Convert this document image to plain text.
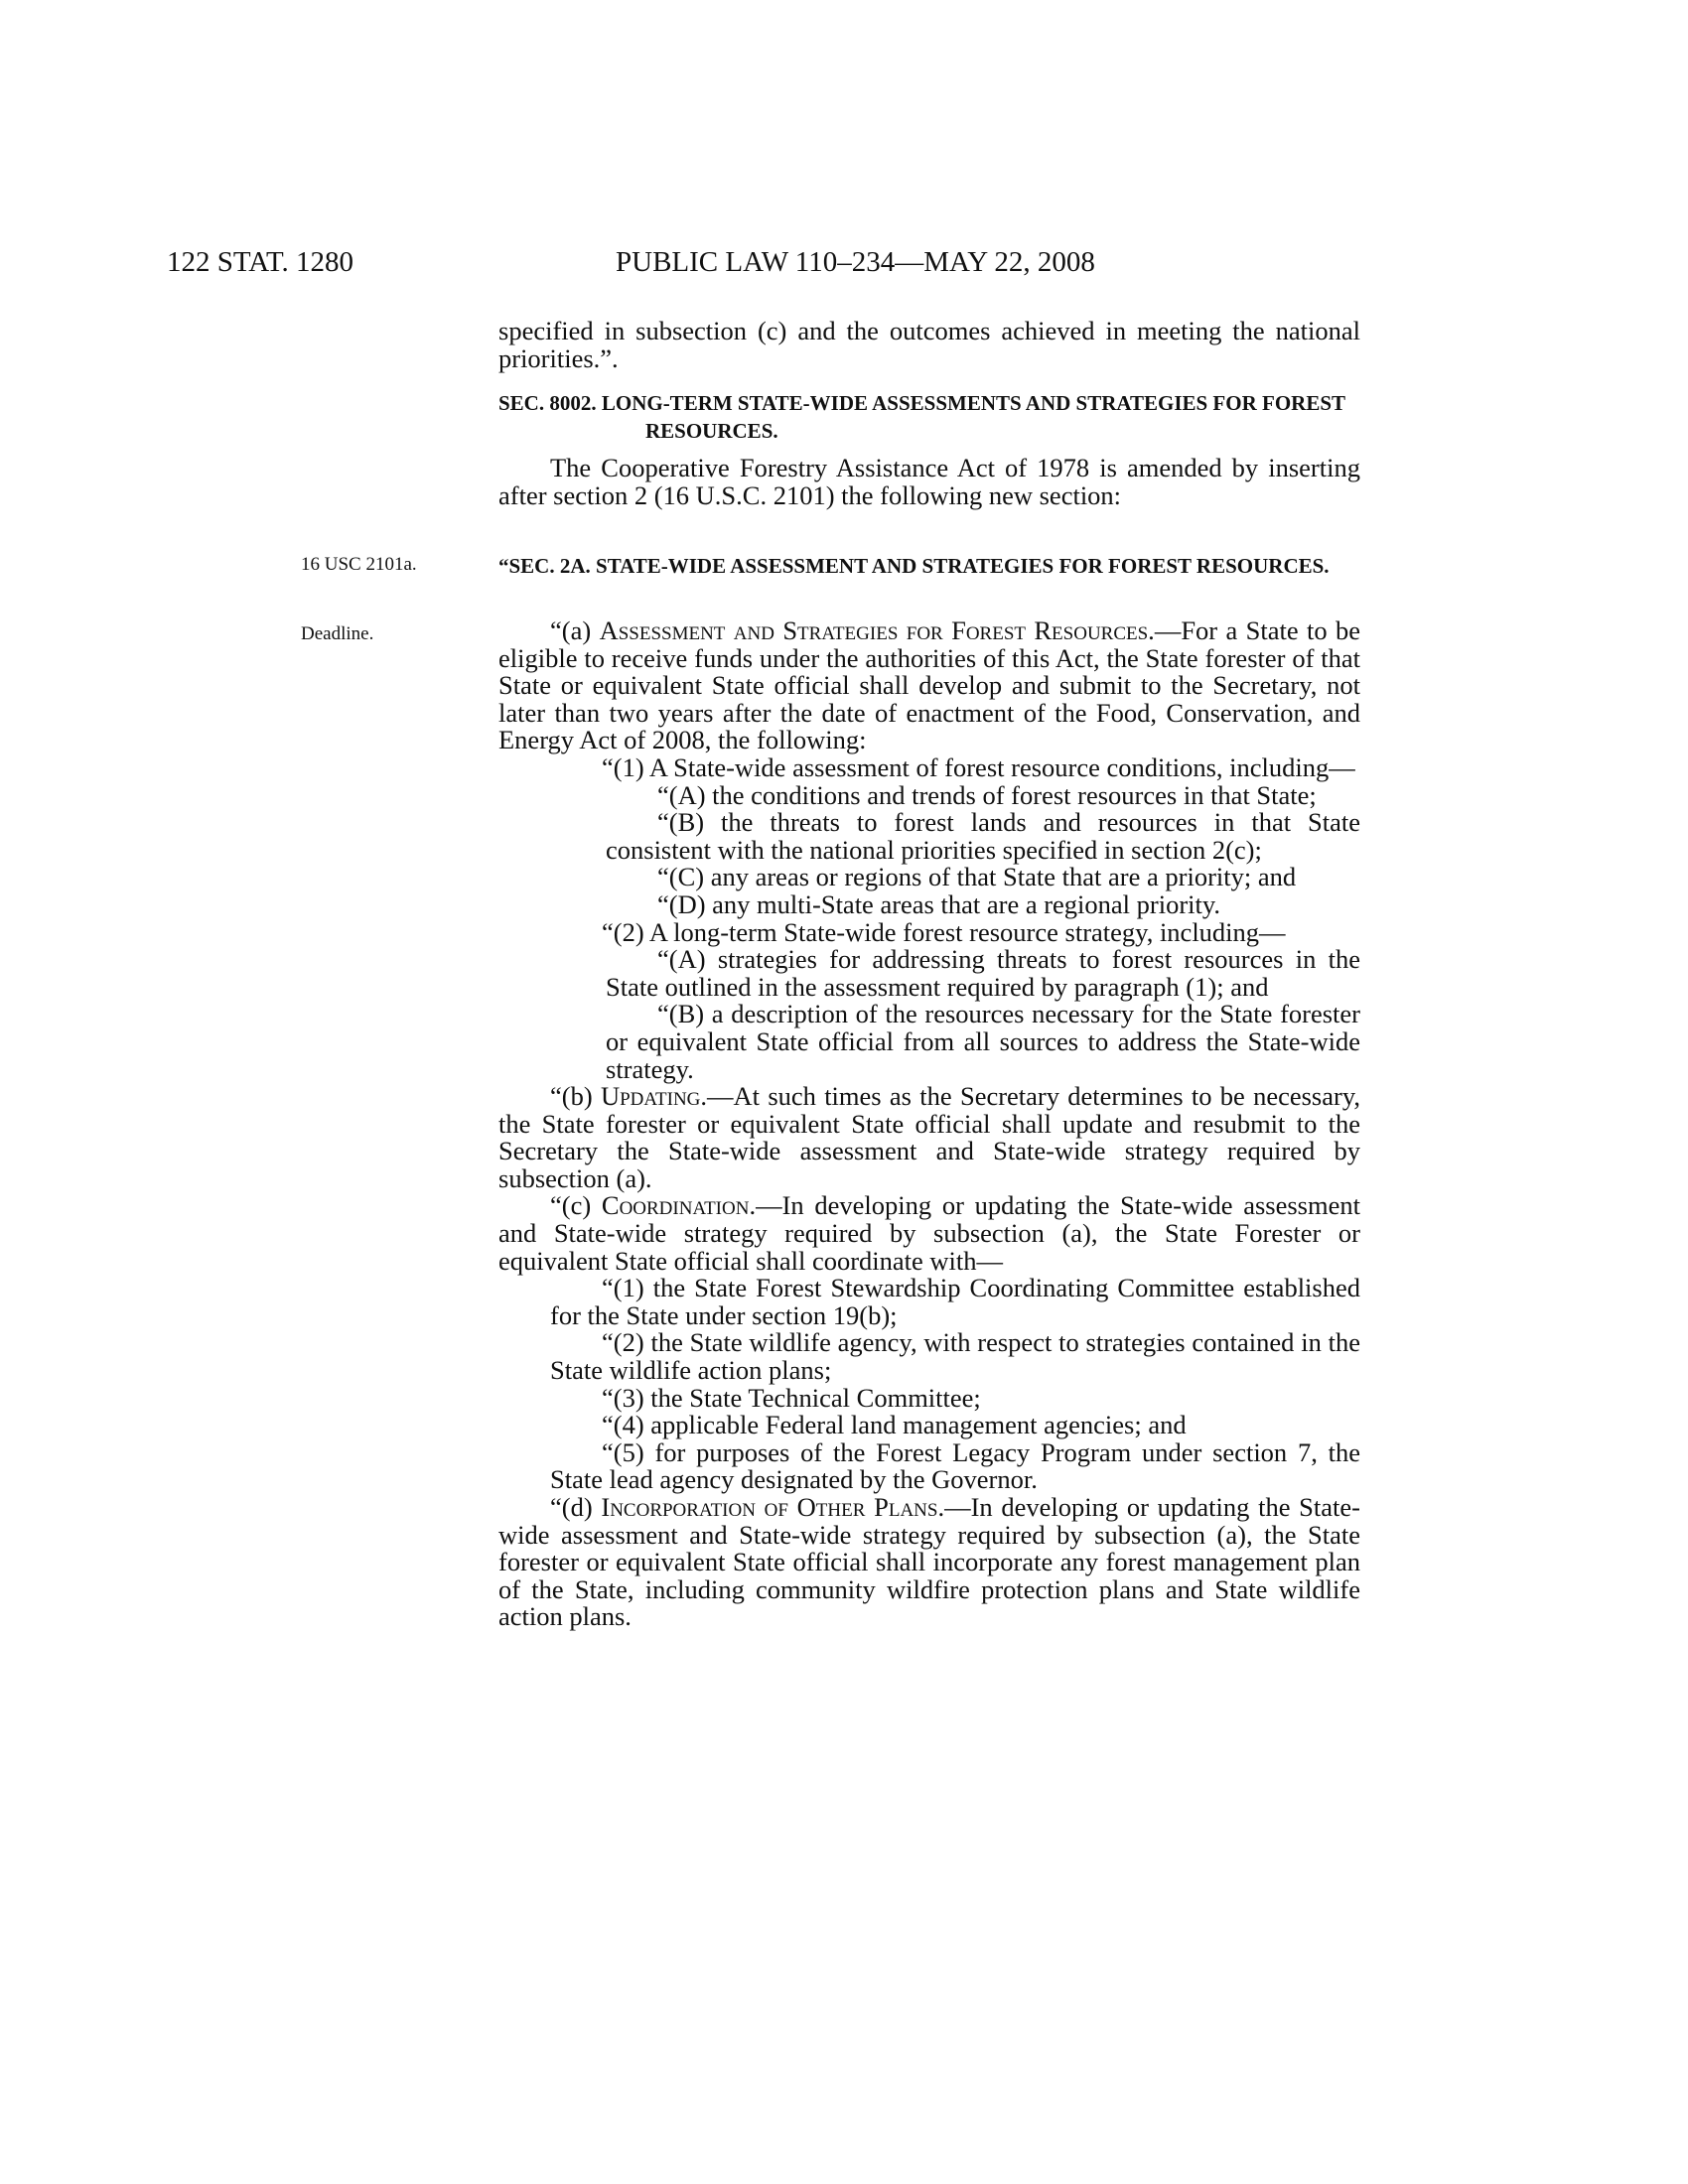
122 STAT. 1280	PUBLIC LAW 110–234—MAY 22, 2008
16 USC 2101a.
Deadline.

specified in subsection (c) and the outcomes achieved in meeting the national priorities.”.

SEC. 8002. LONG-TERM STATE-WIDE ASSESSMENTS AND STRATEGIES FOR FOREST RESOURCES.

The Cooperative Forestry Assistance Act of 1978 is amended by inserting after section 2 (16 U.S.C. 2101) the following new section:

“SEC. 2A. STATE-WIDE ASSESSMENT AND STRATEGIES FOR FOREST RESOURCES.

“(a) Assessment and Strategies for Forest Resources.—For a State to be eligible to receive funds under the authorities of this Act, the State forester of that State or equivalent State official shall develop and submit to the Secretary, not later than two years after the date of enactment of the Food, Conservation, and Energy Act of 2008, the following:

“(1) A State-wide assessment of forest resource conditions, including—

“(A) the conditions and trends of forest resources in that State;

“(B) the threats to forest lands and resources in that State consistent with the national priorities specified in section 2(c);

“(C) any areas or regions of that State that are a priority; and

“(D) any multi-State areas that are a regional priority.

“(2) A long-term State-wide forest resource strategy, including—

“(A) strategies for addressing threats to forest resources in the State outlined in the assessment required by paragraph (1); and

“(B) a description of the resources necessary for the State forester or equivalent State official from all sources to address the State-wide strategy.

“(b) Updating.—At such times as the Secretary determines to be necessary, the State forester or equivalent State official shall update and resubmit to the Secretary the State-wide assessment and State-wide strategy required by subsection (a).

“(c) Coordination.—In developing or updating the State-wide assessment and State-wide strategy required by subsection (a), the State Forester or equivalent State official shall coordinate with—

“(1) the State Forest Stewardship Coordinating Committee established for the State under section 19(b);

“(2) the State wildlife agency, with respect to strategies contained in the State wildlife action plans;

“(3) the State Technical Committee;

“(4) applicable Federal land management agencies; and

“(5) for purposes of the Forest Legacy Program under section 7, the State lead agency designated by the Governor.

“(d) Incorporation of Other Plans.—In developing or updating the State-wide assessment and State-wide strategy required by subsection (a), the State forester or equivalent State official shall incorporate any forest management plan of the State, including community wildfire protection plans and State wildlife action plans.
